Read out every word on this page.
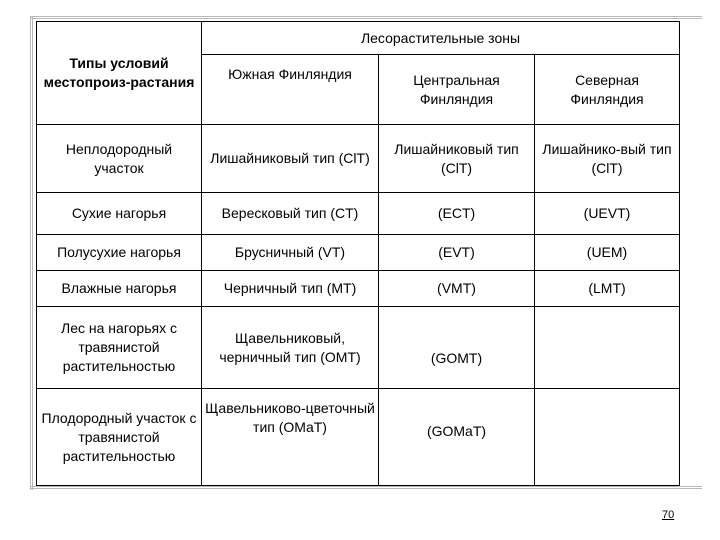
Типы условий местопроиз-растания	Лесорастительные зоны		
	Южная Финляндия	Центральная Финляндия	Северная Финляндия
Неплодородный участок	Лишайниковый тип (ClT)	Лишайниковый тип (ClT)	Лишайнико-вый тип (ClT)
Сухие нагорья	Вересковый тип (CT)	(ECT)	(UEVT)
Полусухие нагорья	Брусничный (VT)	(EVT)	(UEM)
Влажные нагорья	Черничный тип (MT)	(VMT)	(LMT)
Лес на нагорьях с травянистой растительностью	Щавельниковый, черничный тип (OMT)	(GOMT)	

Плодородный участок с травянистой растительностью	Щавельниково-цветочный тип (OMaT)	(GOMaT)	

70
